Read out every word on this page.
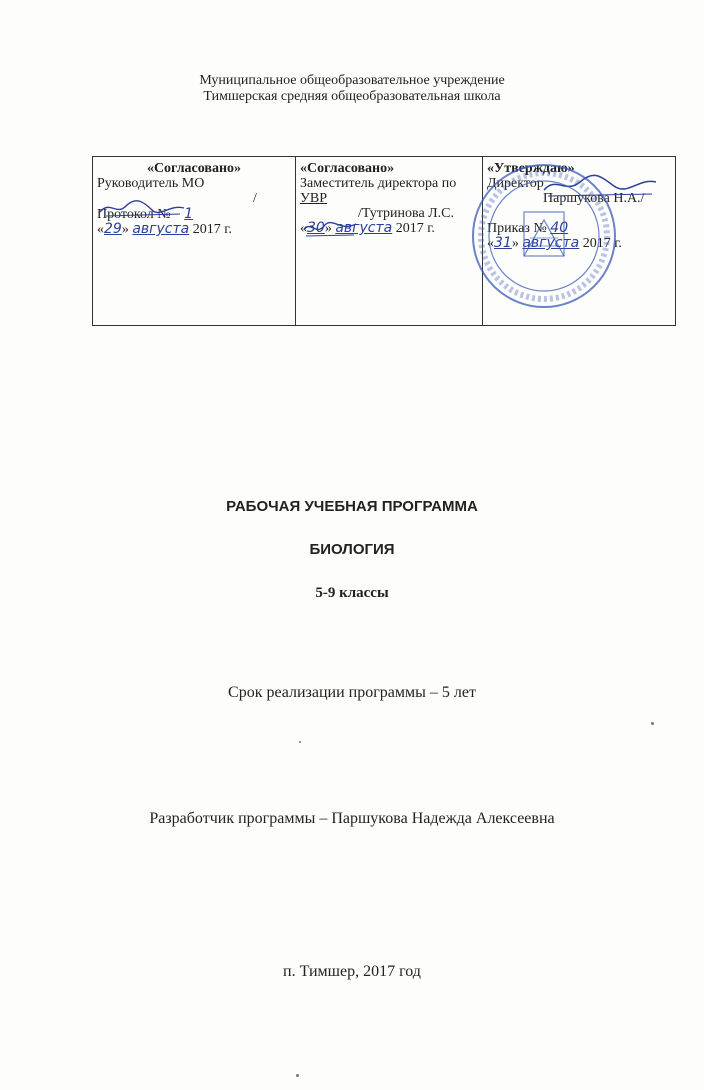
Муниципальное общеобразовательное учреждение
Тимшерская средняя общеобразовательная школа
«Согласовано»
Руководитель МО
/
Протокол № 1
«29» августа 2017 г.

«Согласовано»
Заместитель директора по
УВР
/Тутринова Л.С.
«30» августа 2017 г.

«Утверждаю»
Директор
Паршукова Н.А./
Приказ № 40
«31» августа 2017 г.
РАБОЧАЯ УЧЕБНАЯ ПРОГРАММА
БИОЛОГИЯ
5-9 классы
Срок реализации программы – 5 лет
Разработчик программы – Паршукова Надежда Алексеевна
п. Тимшер, 2017 год
